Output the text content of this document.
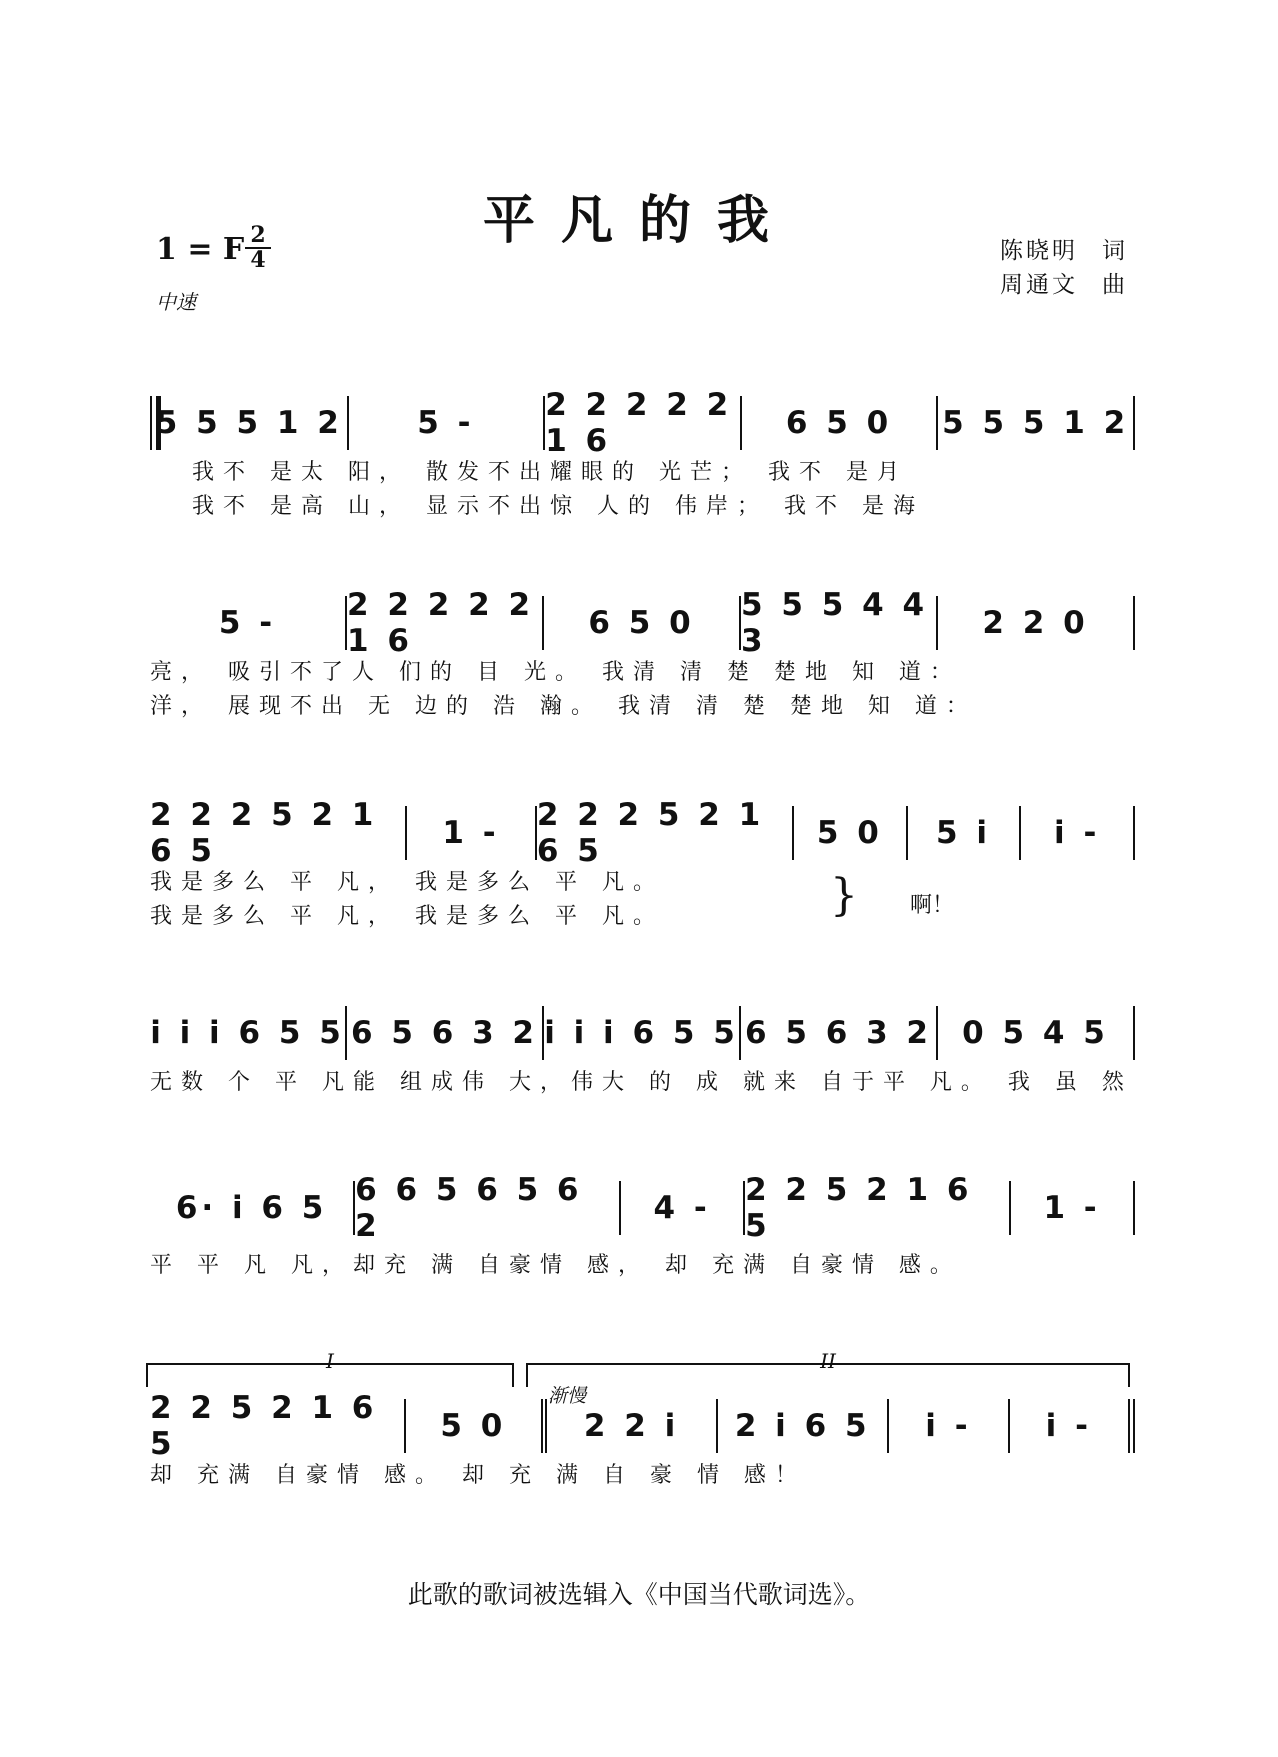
平凡的我
1 = F 2
4
中速
陈晓明 词
周通文 曲
5 5 5 1 2	5 -	2 2 2 2 2 1 6	6 5 0	5 5 5 1 2
我不 是太 阳， 散发不出耀眼的 光芒； 我不 是月
我不 是高 山， 显示不出惊 人的 伟岸； 我不 是海
5 -	2 2 2 2 2 1 6	6 5 0	5 5 5 4 4 3	2 2 0
亮， 吸引不了人 们的 目 光。 我清 清 楚 楚地 知 道：
洋， 展现不出 无 边的 浩 瀚。 我清 清 楚 楚地 知 道：
2 2 2 5 2 1 6 5	1 -	2 2 2 5 2 1 6 5	5 0	5 i	i -
我是多么 平 凡， 我是多么 平 凡。
我是多么 平 凡， 我是多么 平 凡。	} 啊！
i i i 6 5 5 6 5 6 3 2 i i i 6 5 5 6 5 6 3 2 0 5 4 5
无数 个 平 凡能 组成伟 大，伟大 的 成 就来 自于平 凡。 我 虽 然
6· i 6 5 6 6 5 6 5 6 2	4 -	2 2 5 2 1 6 5	1 -
平 平 凡 凡，却充 满 自豪情 感， 却 充满 自豪情 感。
I	II
渐慢
2 2 5 2 1 6 5	5 0	2 2 i	2 i 6 5	i -	i -
却 充满 自豪情 感。 却 充 满 自 豪 情 感！
此歌的歌词被选辑入《中国当代歌词选》。
